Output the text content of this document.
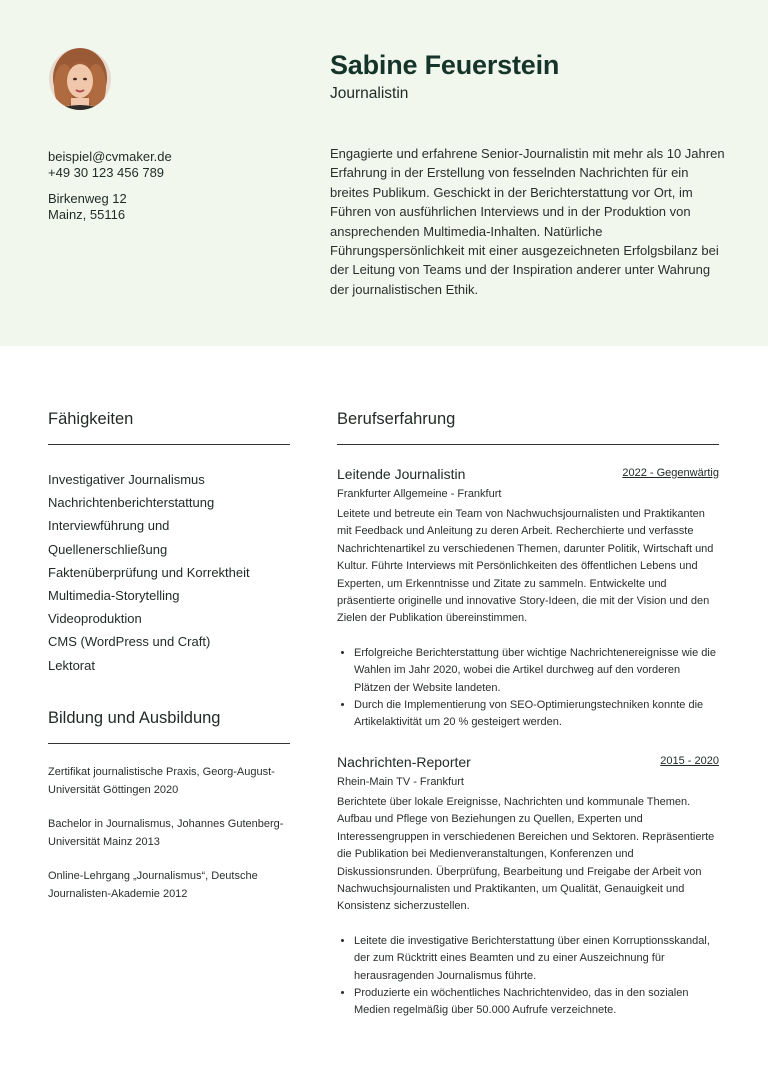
Sabine Feuerstein
Journalistin
beispiel@cvmaker.de
+49 30 123 456 789
Birkenweg 12
Mainz, 55116
Engagierte und erfahrene Senior-Journalistin mit mehr als 10 Jahren Erfahrung in der Erstellung von fesselnden Nachrichten für ein breites Publikum. Geschickt in der Berichterstattung vor Ort, im Führen von ausführlichen Interviews und in der Produktion von ansprechenden Multimedia-Inhalten. Natürliche Führungspersönlichkeit mit einer ausgezeichneten Erfolgsbilanz bei der Leitung von Teams und der Inspiration anderer unter Wahrung der journalistischen Ethik.
Fähigkeiten
Investigativer Journalismus
Nachrichtenberichterstattung
Interviewführung und Quellenerschließung
Faktenüberprüfung und Korrektheit
Multimedia-Storytelling
Videoproduktion
CMS (WordPress und Craft)
Lektorat
Bildung und Ausbildung
Zertifikat journalistische Praxis, Georg-August-Universität Göttingen 2020
Bachelor in Journalismus, Johannes Gutenberg-Universität Mainz 2013
Online-Lehrgang „Journalismus“, Deutsche Journalisten-Akademie 2012
Berufserfahrung
Leitende Journalistin	2022 - Gegenwärtig
Frankfurter Allgemeine - Frankfurt
Leitete und betreute ein Team von Nachwuchsjournalisten und Praktikanten mit Feedback und Anleitung zu deren Arbeit. Recherchierte und verfasste Nachrichtenartikel zu verschiedenen Themen, darunter Politik, Wirtschaft und Kultur. Führte Interviews mit Persönlichkeiten des öffentlichen Lebens und Experten, um Erkenntnisse und Zitate zu sammeln. Entwickelte und präsentierte originelle und innovative Story-Ideen, die mit der Vision und den Zielen der Publikation übereinstimmen.
• Erfolgreiche Berichterstattung über wichtige Nachrichtenereignisse wie die Wahlen im Jahr 2020, wobei die Artikel durchweg auf den vorderen Plätzen der Website landeten.
• Durch die Implementierung von SEO-Optimierungstechniken konnte die Artikelaktivität um 20 % gesteigert werden.
Nachrichten-Reporter	2015 - 2020
Rhein-Main TV - Frankfurt
Berichtete über lokale Ereignisse, Nachrichten und kommunale Themen. Aufbau und Pflege von Beziehungen zu Quellen, Experten und Interessengruppen in verschiedenen Bereichen und Sektoren. Repräsentierte die Publikation bei Medienveranstaltungen, Konferenzen und Diskussionsrunden. Überprüfung, Bearbeitung und Freigabe der Arbeit von Nachwuchsjournalisten und Praktikanten, um Qualität, Genauigkeit und Konsistenz sicherzustellen.
• Leitete die investigative Berichterstattung über einen Korruptionsskandal, der zum Rücktritt eines Beamten und zu einer Auszeichnung für herausragenden Journalismus führte.
• Produzierte ein wöchentliches Nachrichtenvideo, das in den sozialen Medien regelmäßig über 50.000 Aufrufe verzeichnete.
